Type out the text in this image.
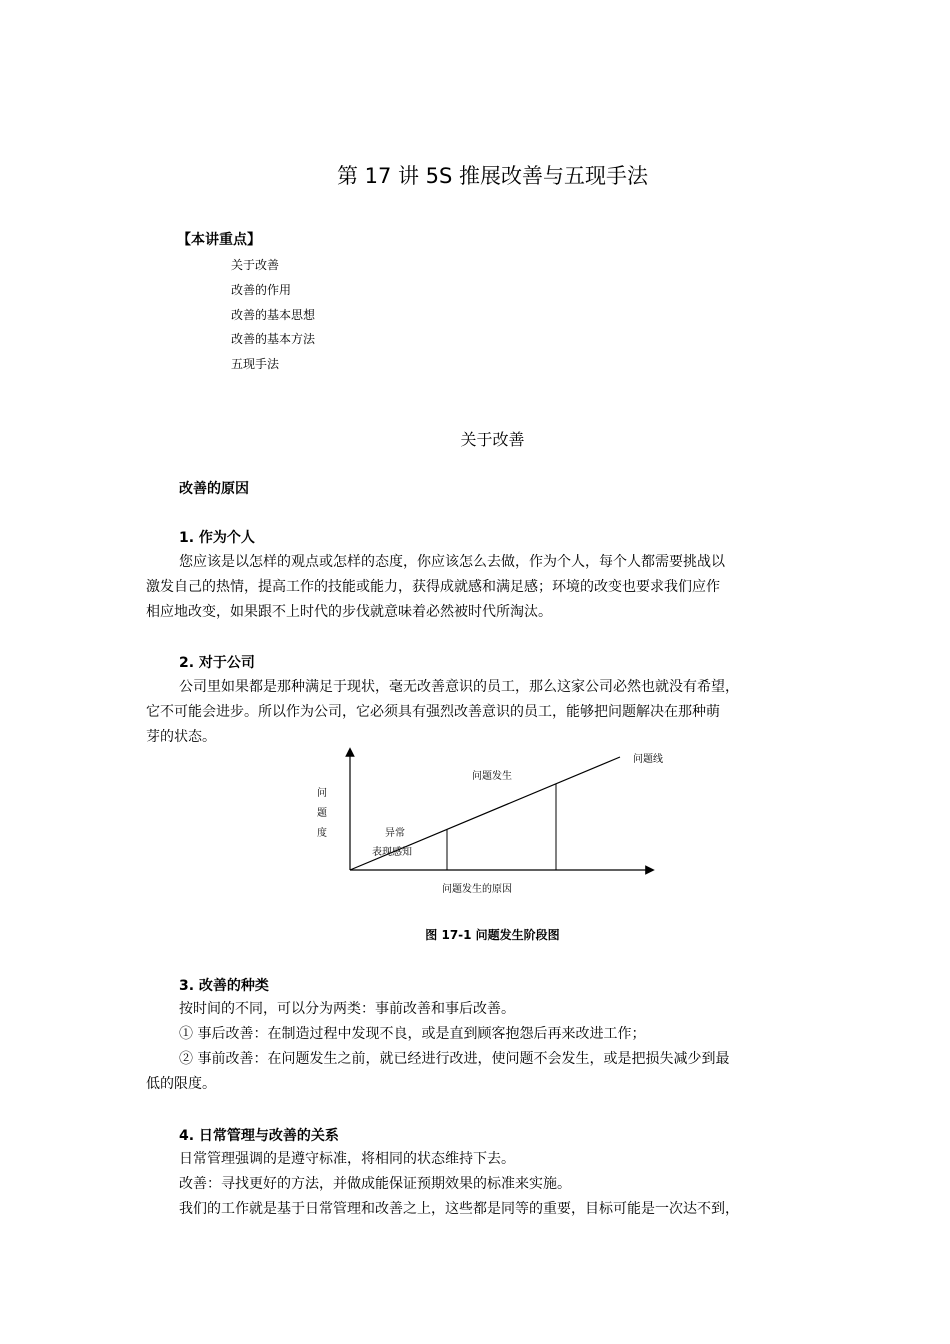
第 17 讲 5S 推展改善与五现手法
【本讲重点】
关于改善
改善的作用
改善的基本思想
改善的基本方法
五现手法
关于改善
改善的原因
1. 作为个人
您应该是以怎样的观点或怎样的态度，你应该怎么去做，作为个人，每个人都需要挑战以
激发自己的热情，提高工作的技能或能力，获得成就感和满足感；环境的改变也要求我们应作
相应地改变，如果跟不上时代的步伐就意味着必然被时代所淘汰。
2. 对于公司
公司里如果都是那种满足于现状，毫无改善意识的员工，那么这家公司必然也就没有希望，
它不可能会进步。所以作为公司，它必须具有强烈改善意识的员工，能够把问题解决在那种萌
芽的状态。
问
题
度
问题线
问题发生
异常
表现感知
问题发生的原因
图 17-1 问题发生阶段图
3. 改善的种类
按时间的不同，可以分为两类：事前改善和事后改善。
① 事后改善：在制造过程中发现不良，或是直到顾客抱怨后再来改进工作；
② 事前改善：在问题发生之前，就已经进行改进，使问题不会发生，或是把损失减少到最
低的限度。
4. 日常管理与改善的关系
日常管理强调的是遵守标准，将相同的状态维持下去。
改善：寻找更好的方法，并做成能保证预期效果的标准来实施。
我们的工作就是基于日常管理和改善之上，这些都是同等的重要，目标可能是一次达不到，
